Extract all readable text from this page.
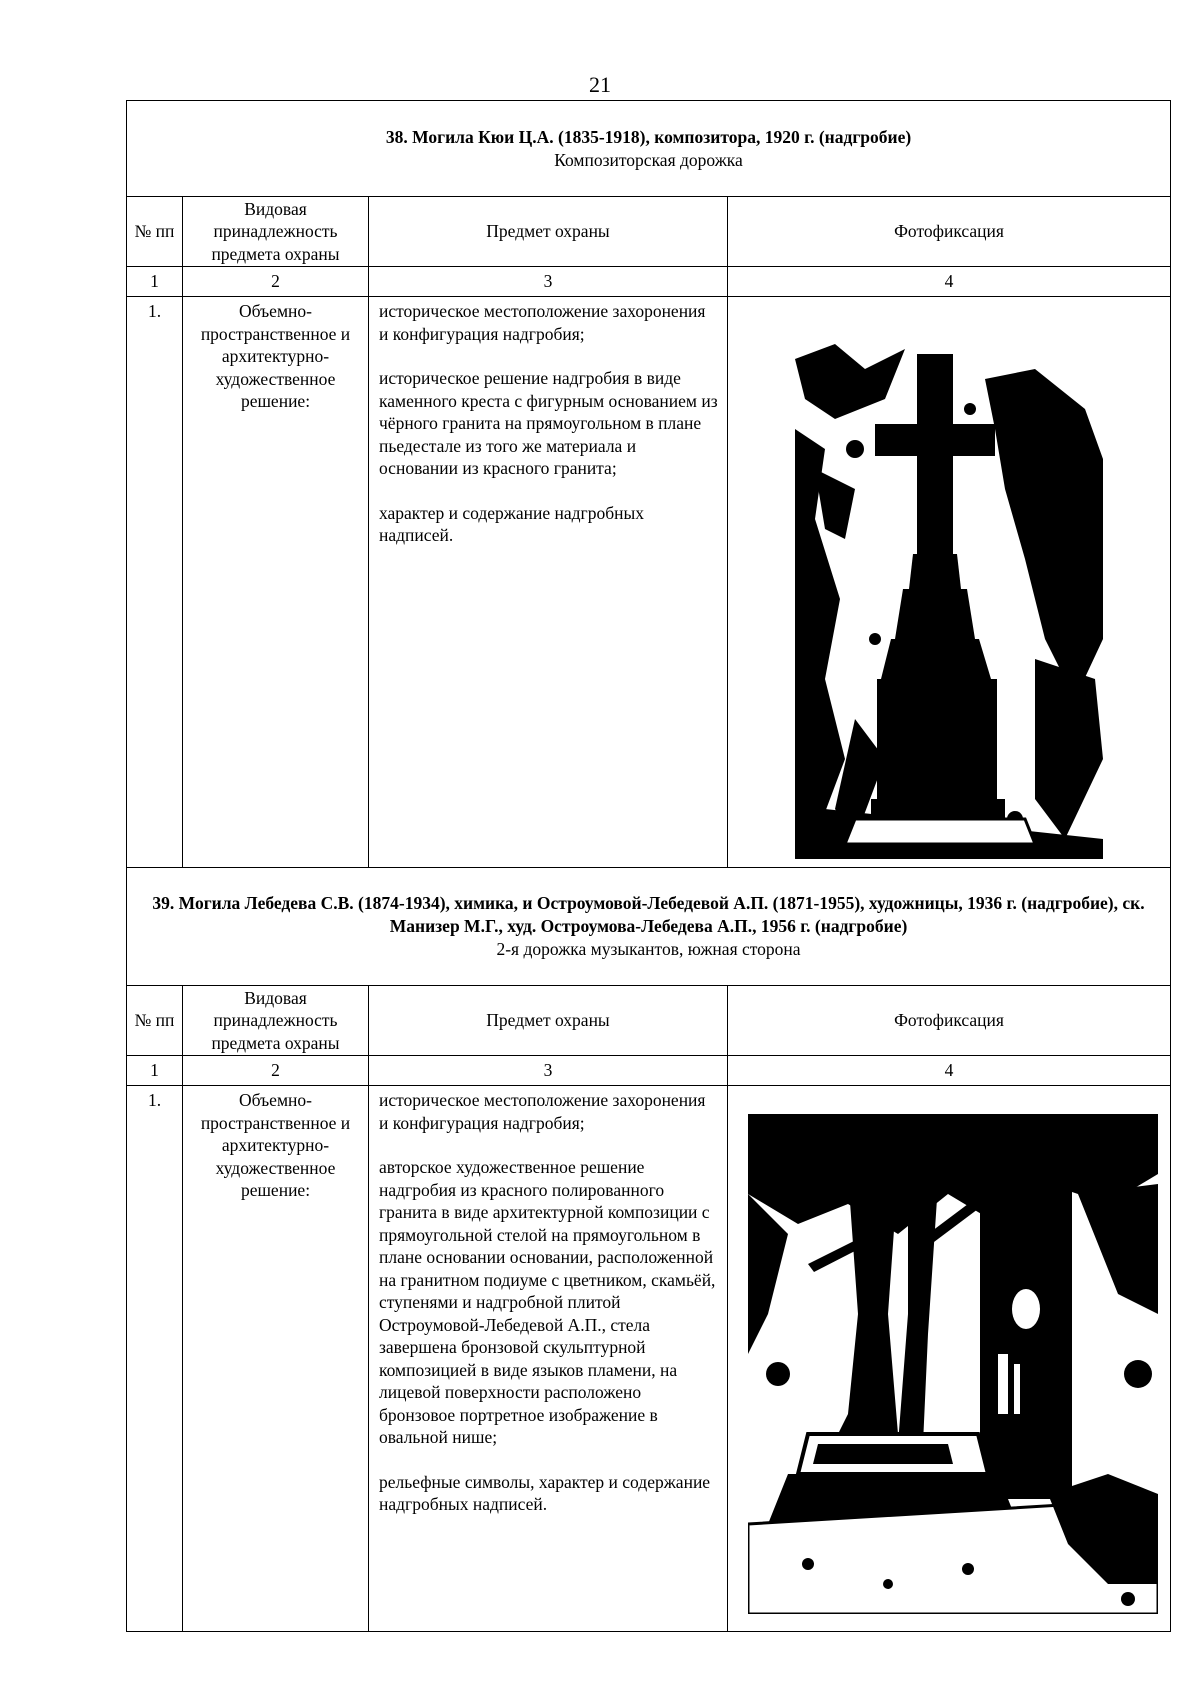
21
38. Могила Кюи Ц.А. (1835-1918), композитора, 1920 г. (надгробие)
Композиторская дорожка			

№ пп	Видовая принадлежность предмета охраны	Предмет охраны	Фотофиксация
1	2	3	4
1.	Объемно-пространственное и архитектурно-художественное решение:	историческое местоположение захоронения и конфигурация надгробия;

историческое решение надгробия в виде каменного креста с фигурным основанием из чёрного гранита на прямоугольном в плане пьедестале из того же материала и основании из красного гранита;

характер и содержание надгробных надписей.

39. Могила Лебедева С.В. (1874-1934), химика, и Остроумовой-Лебедевой А.П. (1871-1955), художницы, 1936 г. (надгробие), ск. Манизер М.Г., худ. Остроумова-Лебедева А.П., 1956 г. (надгробие)
2-я дорожка музыкантов, южная сторона			

№ пп	Видовая принадлежность предмета охраны	Предмет охраны	Фотофиксация
1	2	3	4
1.	Объемно-пространственное и архитектурно-художественное решение:	историческое местоположение захоронения и конфигурация надгробия;

авторское художественное решение надгробия из красного полированного гранита в виде архитектурной композиции с прямоугольной стелой на прямоугольном в плане основании основании, расположенной на гранитном подиуме с цветником, скамьёй, ступенями и надгробной плитой Остроумовой-Лебедевой А.П., стела завершена бронзовой скульптурной композицией в виде языков пламени, на лицевой поверхности расположено бронзовое портретное изображение в овальной нише;

рельефные символы, характер и содержание надгробных надписей.
